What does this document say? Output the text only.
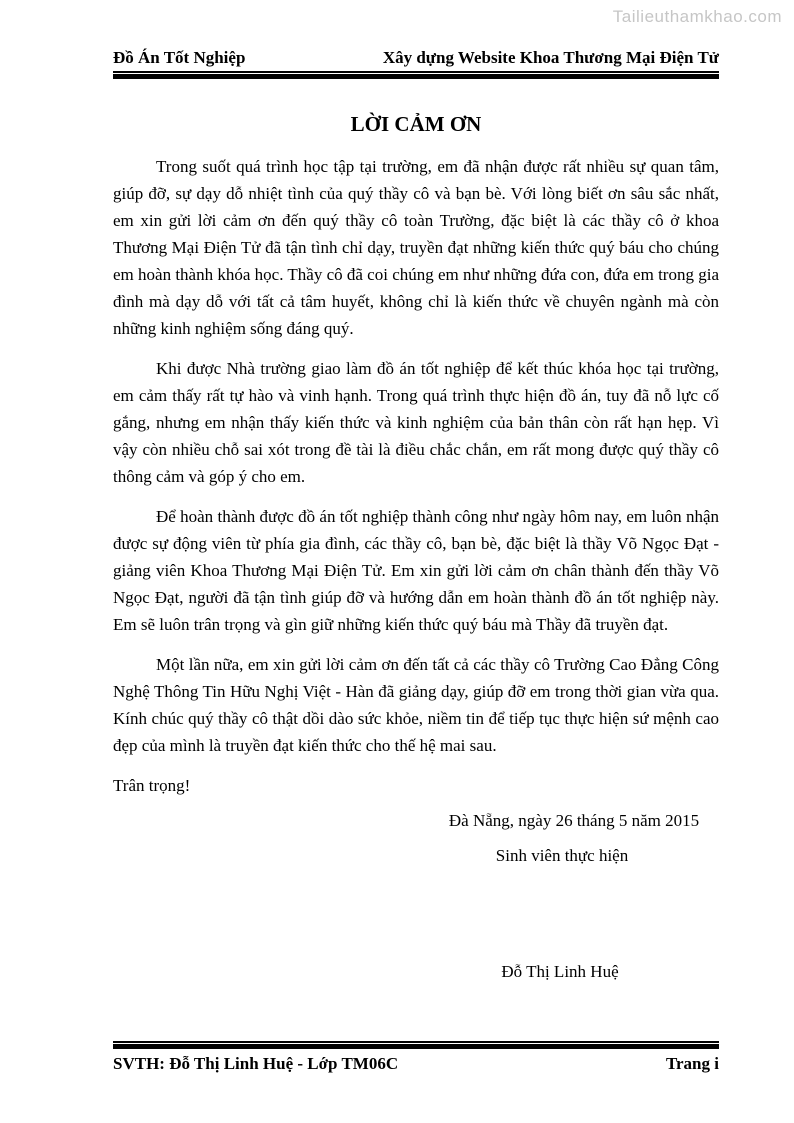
Tailieuthamkhao.com
Đồ Án Tốt Nghiệp	Xây dựng Website Khoa Thương Mại Điện Tử
LỜI CẢM ƠN

Trong suốt quá trình học tập tại trường, em đã nhận được rất nhiều sự quan tâm, giúp đỡ, sự dạy dỗ nhiệt tình của quý thầy cô và bạn bè. Với lòng biết ơn sâu sắc nhất, em xin gửi lời cảm ơn đến quý thầy cô toàn Trường, đặc biệt là các thầy cô ở khoa Thương Mại Điện Tử đã tận tình chỉ dạy, truyền đạt những kiến thức quý báu cho chúng em hoàn thành khóa học. Thầy cô đã coi chúng em như những đứa con, đứa em trong gia đình mà dạy dỗ với tất cả tâm huyết, không chỉ là kiến thức về chuyên ngành mà còn những kinh nghiệm sống đáng quý.

Khi được Nhà trường giao làm đồ án tốt nghiệp để kết thúc khóa học tại trường, em cảm thấy rất tự hào và vinh hạnh. Trong quá trình thực hiện đồ án, tuy đã nỗ lực cố gắng, nhưng em nhận thấy kiến thức và kinh nghiệm của bản thân còn rất hạn hẹp. Vì vậy còn nhiều chỗ sai xót trong đề tài là điều chắc chắn, em rất mong được quý thầy cô thông cảm và góp ý cho em.

Để hoàn thành được đồ án tốt nghiệp thành công như ngày hôm nay, em luôn nhận được sự động viên từ phía gia đình, các thầy cô, bạn bè, đặc biệt là thầy Võ Ngọc Đạt - giảng viên Khoa Thương Mại Điện Tử. Em xin gửi lời cảm ơn chân thành đến thầy Võ Ngọc Đạt, người đã tận tình giúp đỡ và hướng dẫn em hoàn thành đồ án tốt nghiệp này. Em sẽ luôn trân trọng và gìn giữ những kiến thức quý báu mà Thầy đã truyền đạt.

Một lần nữa, em xin gửi lời cảm ơn đến tất cả các thầy cô Trường Cao Đẳng Công Nghệ Thông Tin Hữu Nghị Việt - Hàn đã giảng dạy, giúp đỡ em trong thời gian vừa qua. Kính chúc quý thầy cô thật dồi dào sức khỏe, niềm tin để tiếp tục thực hiện sứ mệnh cao đẹp của mình là truyền đạt kiến thức cho thế hệ mai sau.

Trân trọng!

Đà Nẵng, ngày 26 tháng 5 năm 2015
Sinh viên thực hiện
Đỗ Thị Linh Huệ
SVTH: Đỗ Thị Linh Huệ - Lớp TM06C	Trang i
